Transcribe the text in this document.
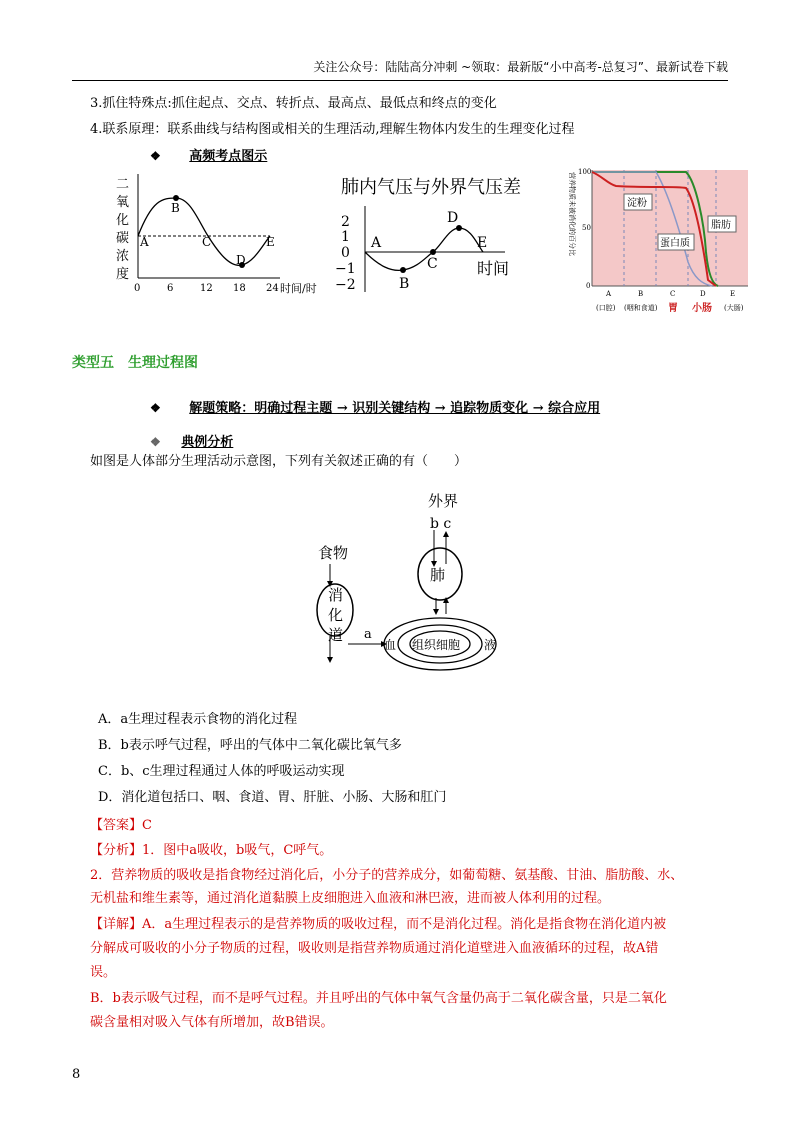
关注公众号：陆陆高分冲刺 ~领取：最新版“小中高考-总复习”、最新试卷下载
3.抓住特殊点:抓住起点、交点、转折点、最高点、最低点和终点的变化
4.联系原理：联系曲线与结构图或相关的生理活动,理解生物体内发生的生理变化过程
❖ 高频考点图示
二
氧
化
碳
浓
度
A
B
C
D
E
0	6	12 18 24 时间/时
肺内气压与外界气压差
2
1
0
−1
−2
A
B
C
D
E
时间
营养物质未被消化的百分比	淀粉
蛋白质
脂肪
100
50
0
A	B	C	D	E
(口腔) (咽和食道) 胃 小肠 (大肠)
类型五　生理过程图
❖ 解题策略：明确过程主题 → 识别关键结构 → 追踪物质变化 → 综合应用
❖ 典例分析
如图是人体部分生理活动示意图，下列有关叙述正确的有（　　）
外界
b c
肺
食物
消
化
道 a
血 组织细胞 液
A．a生理过程表示食物的消化过程
B．b表示呼气过程，呼出的气体中二氧化碳比氧气多
C．b、c生理过程通过人体的呼吸运动实现
D．消化道包括口、咽、食道、胃、肝脏、小肠、大肠和肛门
【答案】C
【分析】1．图中a吸收，b吸气，C呼气。
2．营养物质的吸收是指食物经过消化后，小分子的营养成分，如葡萄糖、氨基酸、甘油、脂肪酸、水、
无机盐和维生素等，通过消化道黏膜上皮细胞进入血液和淋巴液，进而被人体利用的过程。
【详解】A．a生理过程表示的是营养物质的吸收过程，而不是消化过程。消化是指食物在消化道内被
分解成可吸收的小分子物质的过程，吸收则是指营养物质通过消化道壁进入血液循环的过程，故A错
误。
B．b表示吸气过程，而不是呼气过程。并且呼出的气体中氧气含量仍高于二氧化碳含量，只是二氧化
碳含量相对吸入气体有所增加，故B错误。
8
